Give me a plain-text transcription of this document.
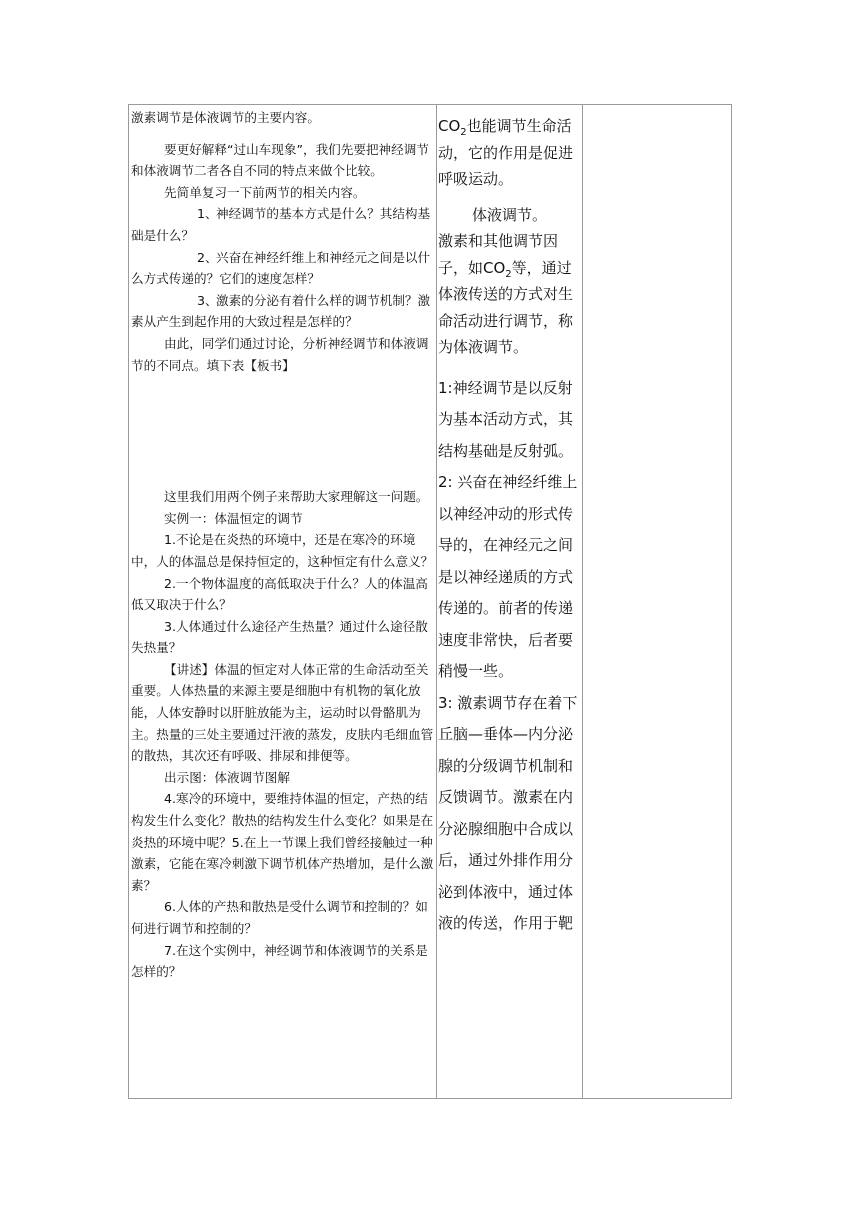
激素调节是体液调节的主要内容。

要更好解释“过山车现象”，我们先要把神经调节和体液调节二者各自不同的特点来做个比较。

先简单复习一下前两节的相关内容。

1、神经调节的基本方式是什么？其结构基础是什么？

2、兴奋在神经纤维上和神经元之间是以什么方式传递的？它们的速度怎样？

3、激素的分泌有着什么样的调节机制？激素从产生到起作用的大致过程是怎样的？

由此，同学们通过讨论，分析神经调节和体液调节的不同点。填下表【板书】

这里我们用两个例子来帮助大家理解这一问题。

实例一：体温恒定的调节

1.不论是在炎热的环境中，还是在寒冷的环境中，人的体温总是保持恒定的，这种恒定有什么意义？

2.一个物体温度的高低取决于什么？人的体温高低又取决于什么？

3.人体通过什么途径产生热量？通过什么途径散失热量？

【讲述】体温的恒定对人体正常的生命活动至关重要。人体热量的来源主要是细胞中有机物的氧化放能，人体安静时以肝脏放能为主，运动时以骨骼肌为主。热量的三处主要通过汗液的蒸发，皮肤内毛细血管的散热，其次还有呼吸、排尿和排便等。

出示图：体液调节图解

4.寒冷的环境中，要维持体温的恒定，产热的结构发生什么变化？散热的结构发生什么变化？如果是在炎热的环境中呢？5.在上一节课上我们曾经接触过一种激素，它能在寒冷刺激下调节机体产热增加，是什么激素？

6.人体的产热和散热是受什么调节和控制的？如何进行调节和控制的？

7.在这个实例中，神经调节和体液调节的关系是怎样的？

$CO_2$也能调节生命活动，它的作用是促进呼吸运动。

体液调节。

激素和其他调节因子，如$CO_2$等，通过体液传送的方式对生命活动进行调节，称为体液调节。

1:神经调节是以反射为基本活动方式，其结构基础是反射弧。

2: 兴奋在神经纤维上以神经冲动的形式传导的，在神经元之间是以神经递质的方式传递的。前者的传递速度非常快，后者要稍慢一些。

3: 激素调节存在着下丘脑—垂体—内分泌腺的分级调节机制和反馈调节。激素在内分泌腺细胞中合成以后，通过外排作用分泌到体液中，通过体液的传送，作用于靶
